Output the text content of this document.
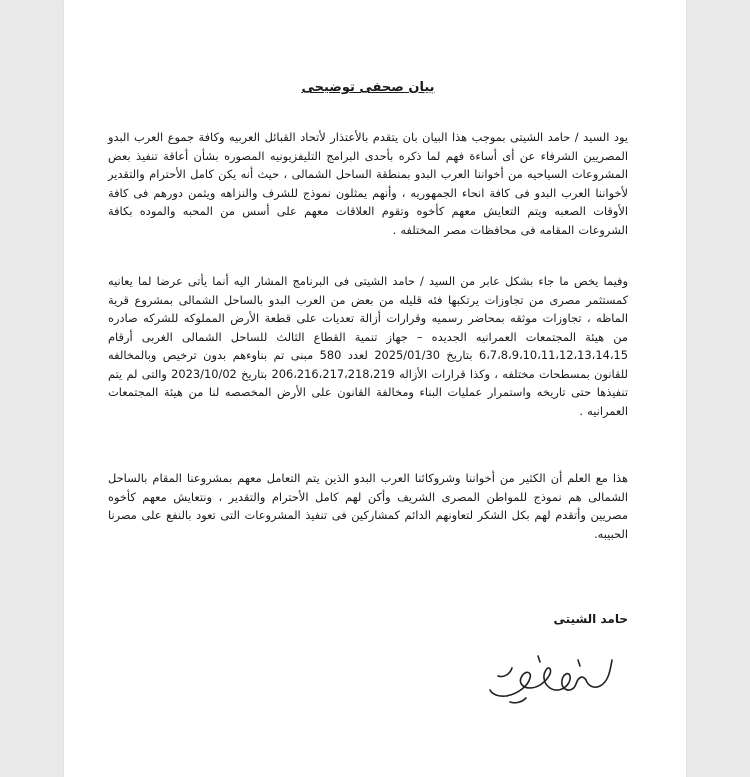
بيان صحفى توضيحى
يود السيد / حامد الشيتى بموجب هذا البيان بان يتقدم بالأعتذار لأتحاد القبائل العربيه وكافة جموع العرب البدو المصريين الشرفاء عن أى أساءة فهم لما ذكره بأحدى البرامج التليفزيونيه المصوره بشأن أعاقة تنفيذ بعض المشروعات السياحيه من أخواننا العرب البدو بمنطقة الساحل الشمالى ، حيث أنه يكن كامل الأحترام والتقدير لأخواننا العرب البدو فى كافة انحاء الجمهوريه ، وأنهم يمثلون نموذج للشرف والنزاهه ويثمن دورهم فى كافة الأوقات الصعبه ويتم التعايش معهم كأخوه وتقوم العلاقات معهم على أسس من المحبه والموده بكافة الشروعات المقامه فى محافظات مصر المختلفه .
وفيما يخص ما جاء بشكل عابر من السيد / حامد الشيتى فى البرنامج المشار اليه أنما يأتى عرضا لما يعانيه كمستثمر مصرى من تجاوزات يرتكبها فئه قليله من بعض من العرب البدو بالساحل الشمالى بمشروع قرية الماظه ، تجاوزات موثقه بمحاضر رسميه وقرارات أزالة تعديات على قطعة الأرض المملوكه للشركه صادره من هيئة المجتمعات العمرانيه الجديده – جهاز تنمية القطاع الثالث للساحل الشمالى الغربى أرقام 6،7،8،9،10،11،12،13،14،15 بتاريخ 2025/01/30 لعدد 580 مبنى تم بناوءهم بدون ترخيص وبالمخالفه للقانون بمسطحات مختلفه ، وكذا قرارات الأزاله 206،216،217،218،219 بتاريخ 2023/10/02 والتى لم يتم تنفيذها حتى تاريخه واستمرار عمليات البناء ومخالفة القانون على الأرض المخصصه لنا من هيئة المجتمعات العمرانيه .
هذا مع العلم أن الكثير من أخواننا وشروكائنا العرب البدو الذين يتم التعامل معهم بمشروعنا المقام بالساحل الشمالى هم نموذج للمواطن المصرى الشريف وأكن لهم كامل الأحترام والتقدير ، ونتعايش معهم كأخوه مصريين وأتقدم لهم بكل الشكر لتعاونهم الدائم كمشاركين فى تنفيذ المشروعات التى تعود بالنفع على مصرنا الحبيبه.
حامد الشيتى
